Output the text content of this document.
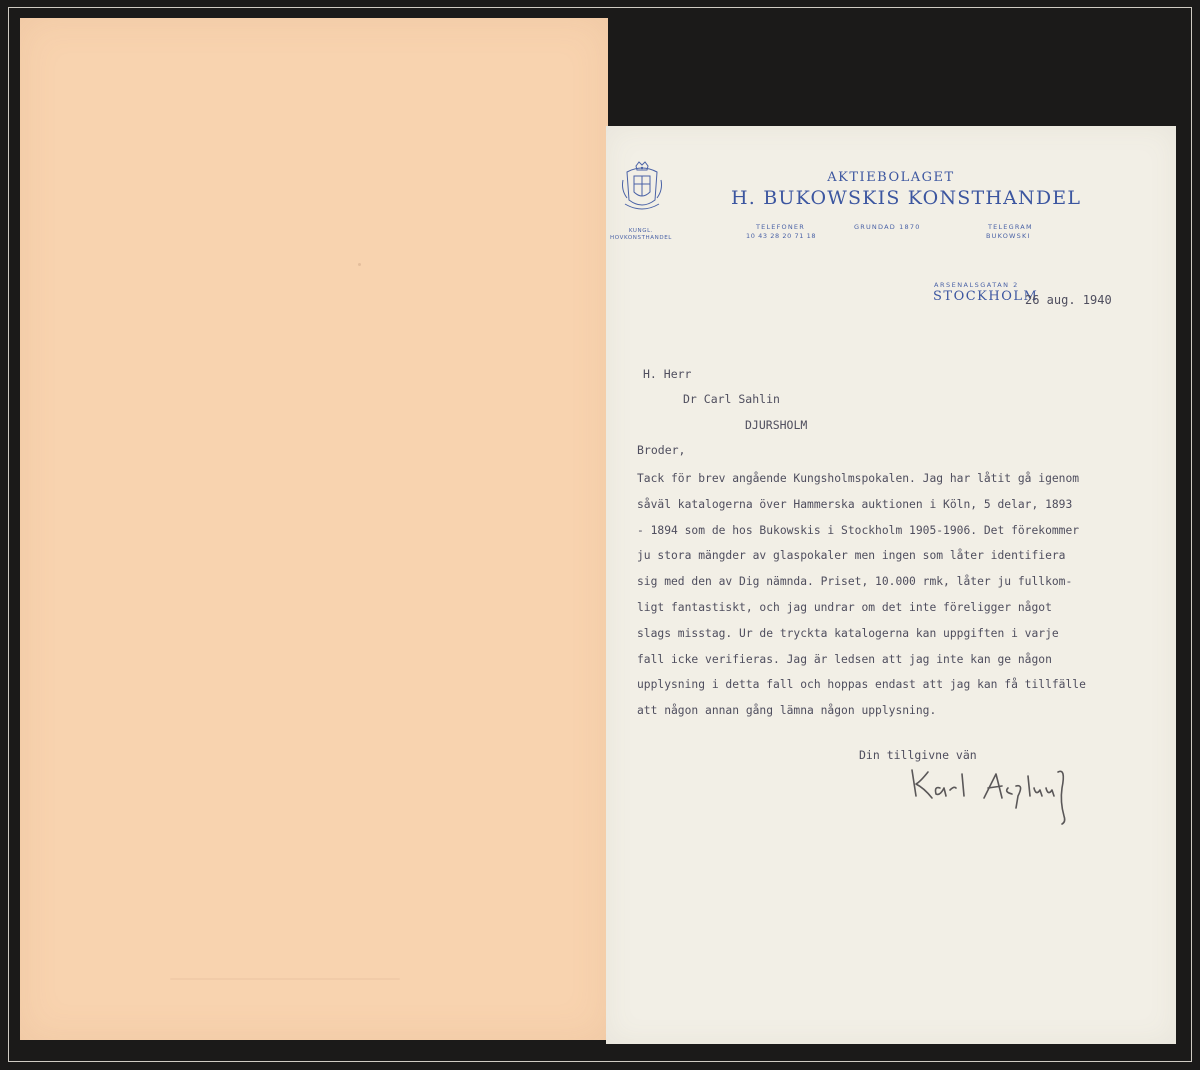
KUNGL.
HOVKONSTHANDEL
AKTIEBOLAGET
H. BUKOWSKIS KONSTHANDEL
TELEFONER
10 43 28 20 71 18
GRUNDAD 1870	TELEGRAM
BUKOWSKI
ARSENALSGATAN 2
STOCKHOLM
26 aug. 1940
H. Herr
Dr Carl Sahlin
DJURSHOLM
Broder,
Tack för brev angående Kungsholmspokalen. Jag har låtit gå igenom
såväl katalogerna över Hammerska auktionen i Köln, 5 delar, 1893
- 1894 som de hos Bukowskis i Stockholm 1905-1906. Det förekommer
ju stora mängder av glaspokaler men ingen som låter identifiera
sig med den av Dig nämnda. Priset, 10.000 rmk, låter ju fullkom-
ligt fantastiskt, och jag undrar om det inte föreligger något
slags misstag. Ur de tryckta katalogerna kan uppgiften i varje
fall icke verifieras. Jag är ledsen att jag inte kan ge någon
upplysning i detta fall och hoppas endast att jag kan få tillfälle
att någon annan gång lämna någon upplysning.
Din tillgivne vän
